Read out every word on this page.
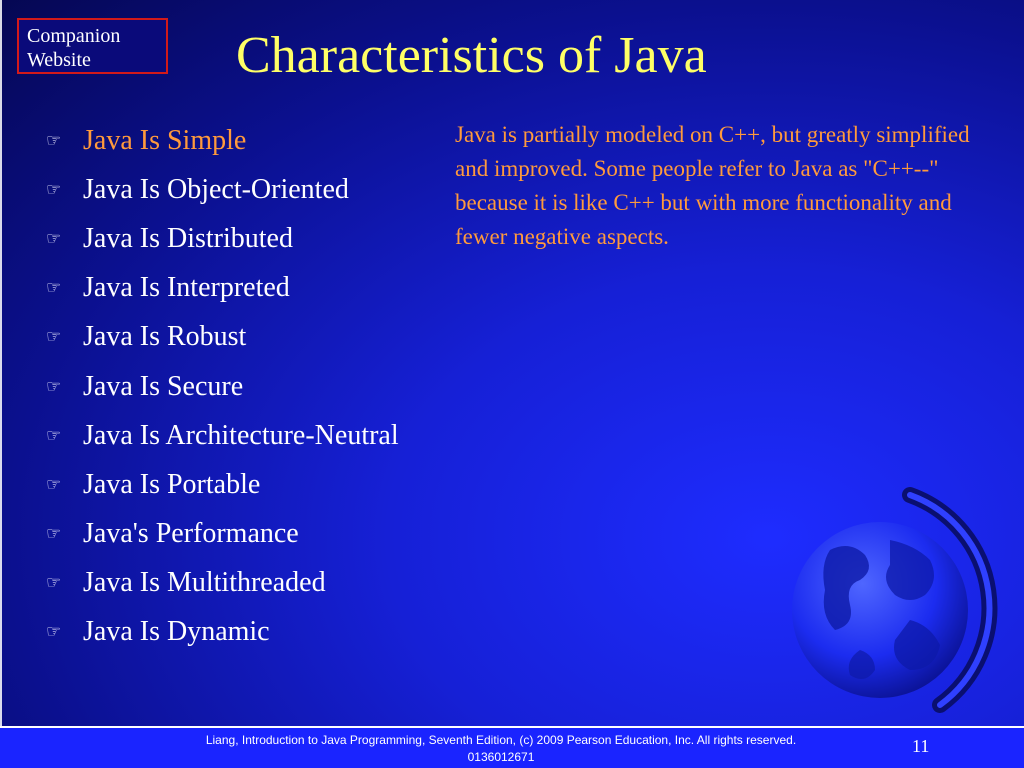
Companion
Website	Characteristics of Java
☞ Java Is Simple
☞ Java Is Object-Oriented
☞ Java Is Distributed
☞ Java Is Interpreted
☞ Java Is Robust
☞ Java Is Secure
☞ Java Is Architecture-Neutral
☞ Java Is Portable
☞ Java's Performance
☞ Java Is Multithreaded
☞ Java Is Dynamic
Java is partially modeled on C++, but greatly simplified and improved. Some people refer to Java as "C++--" because it is like C++ but with more functionality and fewer negative aspects.
Liang, Introduction to Java Programming, Seventh Edition, (c) 2009 Pearson Education, Inc. All rights reserved. 0136012671
11
